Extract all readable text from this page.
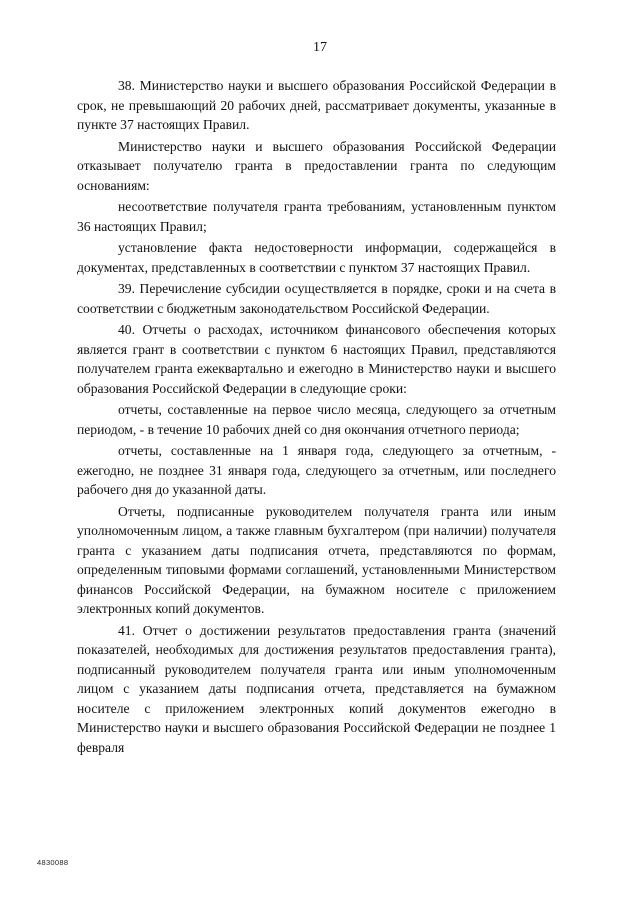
17

38. Министерство науки и высшего образования Российской Федерации в срок, не превышающий 20 рабочих дней, рассматривает документы, указанные в пункте 37 настоящих Правил.

Министерство науки и высшего образования Российской Федерации отказывает получателю гранта в предоставлении гранта по следующим основаниям:

несоответствие получателя гранта требованиям, установленным пунктом 36 настоящих Правил;

установление факта недостоверности информации, содержащейся в документах, представленных в соответствии с пунктом 37 настоящих Правил.

39. Перечисление субсидии осуществляется в порядке, сроки и на счета в соответствии с бюджетным законодательством Российской Федерации.

40. Отчеты о расходах, источником финансового обеспечения которых является грант в соответствии с пунктом 6 настоящих Правил, представляются получателем гранта ежеквартально и ежегодно в Министерство науки и высшего образования Российской Федерации в следующие сроки:

отчеты, составленные на первое число месяца, следующего за отчетным периодом, - в течение 10 рабочих дней со дня окончания отчетного периода;

отчеты, составленные на 1 января года, следующего за отчетным, - ежегодно, не позднее 31 января года, следующего за отчетным, или последнего рабочего дня до указанной даты.

Отчеты, подписанные руководителем получателя гранта или иным уполномоченным лицом, а также главным бухгалтером (при наличии) получателя гранта с указанием даты подписания отчета, представляются по формам, определенным типовыми формами соглашений, установленными Министерством финансов Российской Федерации, на бумажном носителе с приложением электронных копий документов.

41. Отчет о достижении результатов предоставления гранта (значений показателей, необходимых для достижения результатов предоставления гранта), подписанный руководителем получателя гранта или иным уполномоченным лицом с указанием даты подписания отчета, представляется на бумажном носителе с приложением электронных копий документов ежегодно в Министерство науки и высшего образования Российской Федерации не позднее 1 февраля

4830088
